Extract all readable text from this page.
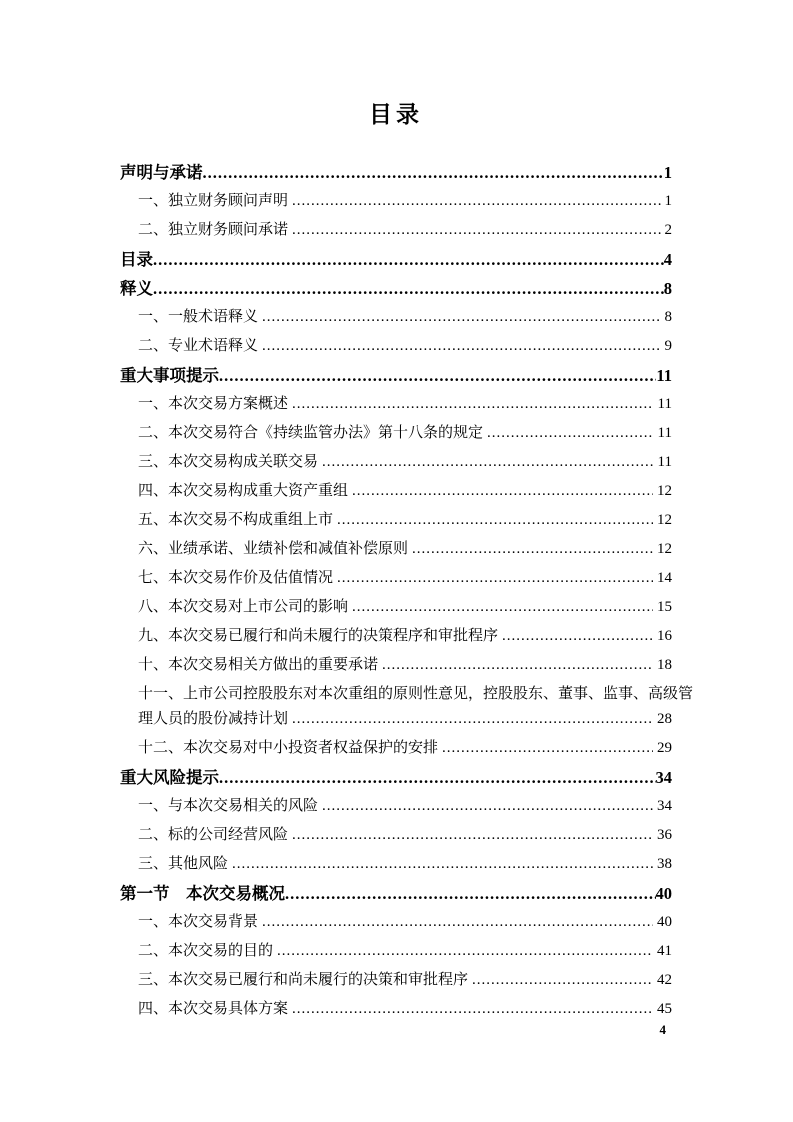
目录
声明与承诺 .....	1
一、独立财务顾问声明 .....	1
二、独立财务顾问承诺 .....	2
目录 .....	4
释义 .....	8
一、一般术语释义 .....	8
二、专业术语释义 .....	9
重大事项提示 .....	11
一、本次交易方案概述 .....	11
二、本次交易符合《持续监管办法》第十八条的规定 .....	11
三、本次交易构成关联交易 .....	11
四、本次交易构成重大资产重组 .....	12
五、本次交易不构成重组上市 .....	12
六、业绩承诺、业绩补偿和减值补偿原则 .....	12
七、本次交易作价及估值情况 .....	14
八、本次交易对上市公司的影响 .....	15
九、本次交易已履行和尚未履行的决策程序和审批程序 .....	16
十、本次交易相关方做出的重要承诺 .....	18
十一、上市公司控股股东对本次重组的原则性意见，控股股东、董事、监事、高级管
理人员的股份减持计划 .....	28
十二、本次交易对中小投资者权益保护的安排 .....	29
重大风险提示 .....	34
一、与本次交易相关的风险 .....	34
二、标的公司经营风险 .....	36
三、其他风险 .....	38
第一节　本次交易概况 .....	40
一、本次交易背景 .....	40
二、本次交易的目的 .....	41
三、本次交易已履行和尚未履行的决策和审批程序 .....	42
四、本次交易具体方案 .....	45
4
